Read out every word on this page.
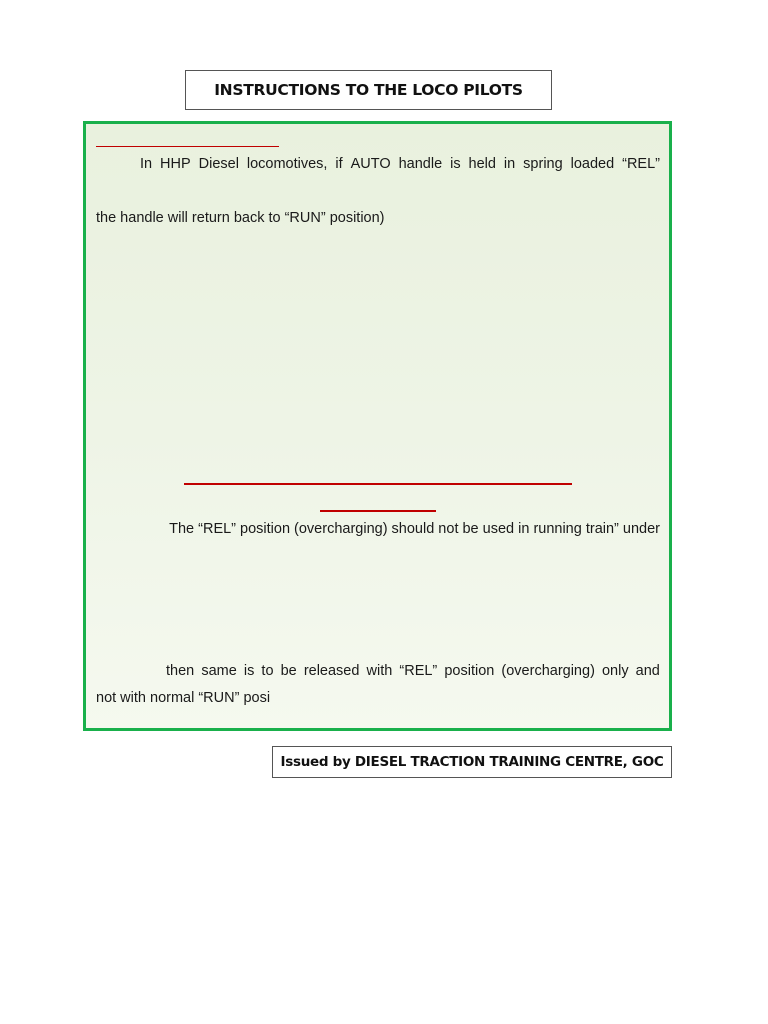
INSTRUCTIONS TO THE LOCO PILOTS
In HHP Diesel locomotives, if AUTO handle is held in spring loaded “REL”
the handle will return back to “RUN” position)
The “REL” position (overcharging) should not be used in running train” under
then same is to be released with “REL” position (overcharging) only and
not with normal “RUN” posi
Issued by DIESEL TRACTION TRAINING CENTRE, GOC
